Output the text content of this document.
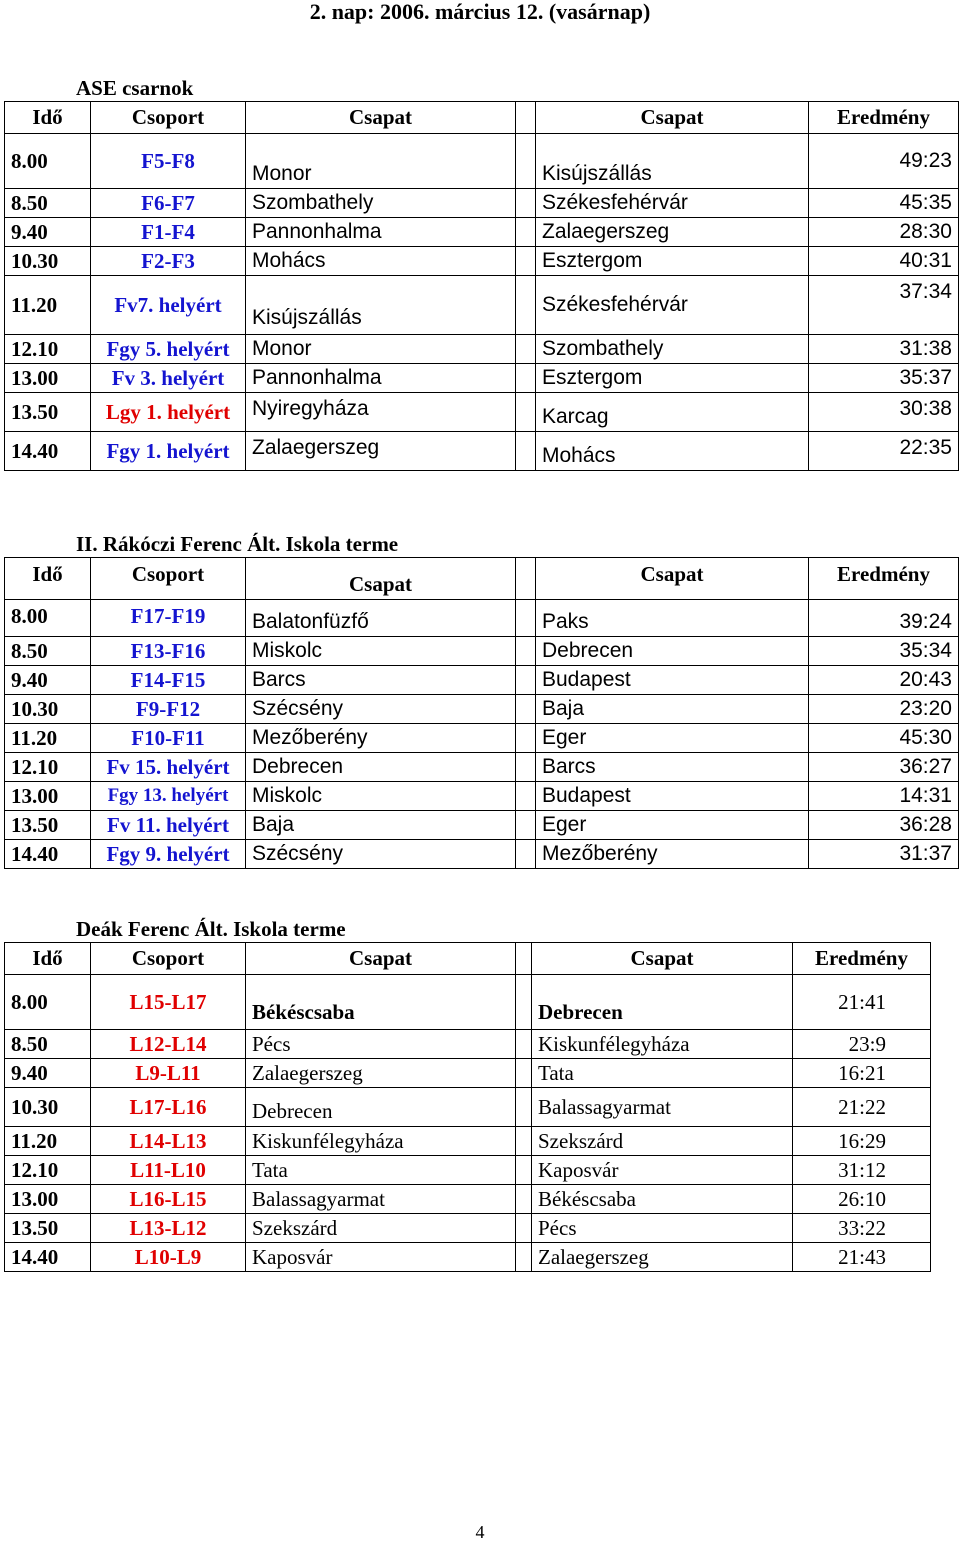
2. nap: 2006. március 12. (vasárnap)
ASE csarnok
Idő	Csoport	Csapat		Csapat	Eredmény
8.00	F5-F8	Monor		Kisújszállás	49:23
8.50	F6-F7	Szombathely		Székesfehérvár	45:35
9.40	F1-F4	Pannonhalma		Zalaegerszeg	28:30
10.30	F2-F3	Mohács		Esztergom	40:31
11.20	Fv7. helyért	Kisújszállás		Székesfehérvár	37:34
12.10	Fgy 5. helyért	Monor		Szombathely	31:38
13.00	Fv 3. helyért	Pannonhalma		Esztergom	35:37
13.50	Lgy 1. helyért	Nyiregyháza		Karcag	30:38
14.40	Fgy 1. helyért	Zalaegerszeg		Mohács	22:35
II. Rákóczi Ferenc Ált. Iskola terme
Idő	Csoport	Csapat		Csapat	Eredmény
8.00	F17-F19	Balatonfüzfő		Paks	39:24
8.50	F13-F16	Miskolc		Debrecen	35:34
9.40	F14-F15	Barcs		Budapest	20:43
10.30	F9-F12	Szécsény		Baja	23:20
11.20	F10-F11	Mezőberény		Eger	45:30
12.10	Fv 15. helyért	Debrecen		Barcs	36:27
13.00	Fgy 13. helyért	Miskolc		Budapest	14:31
13.50	Fv 11. helyért	Baja		Eger	36:28
14.40	Fgy 9. helyért	Szécsény		Mezőberény	31:37
Deák Ferenc Ált. Iskola terme
Idő	Csoport	Csapat		Csapat	Eredmény
8.00	L15-L17	Békéscsaba		Debrecen	21:41
8.50	L12-L14	Pécs		Kiskunfélegyháza	23:9
9.40	L9-L11	Zalaegerszeg		Tata	16:21
10.30	L17-L16	Debrecen		Balassagyarmat	21:22
11.20	L14-L13	Kiskunfélegyháza		Szekszárd	16:29
12.10	L11-L10	Tata		Kaposvár	31:12
13.00	L16-L15	Balassagyarmat		Békéscsaba	26:10
13.50	L13-L12	Szekszárd		Pécs	33:22
14.40	L10-L9	Kaposvár		Zalaegerszeg	21:43
4
